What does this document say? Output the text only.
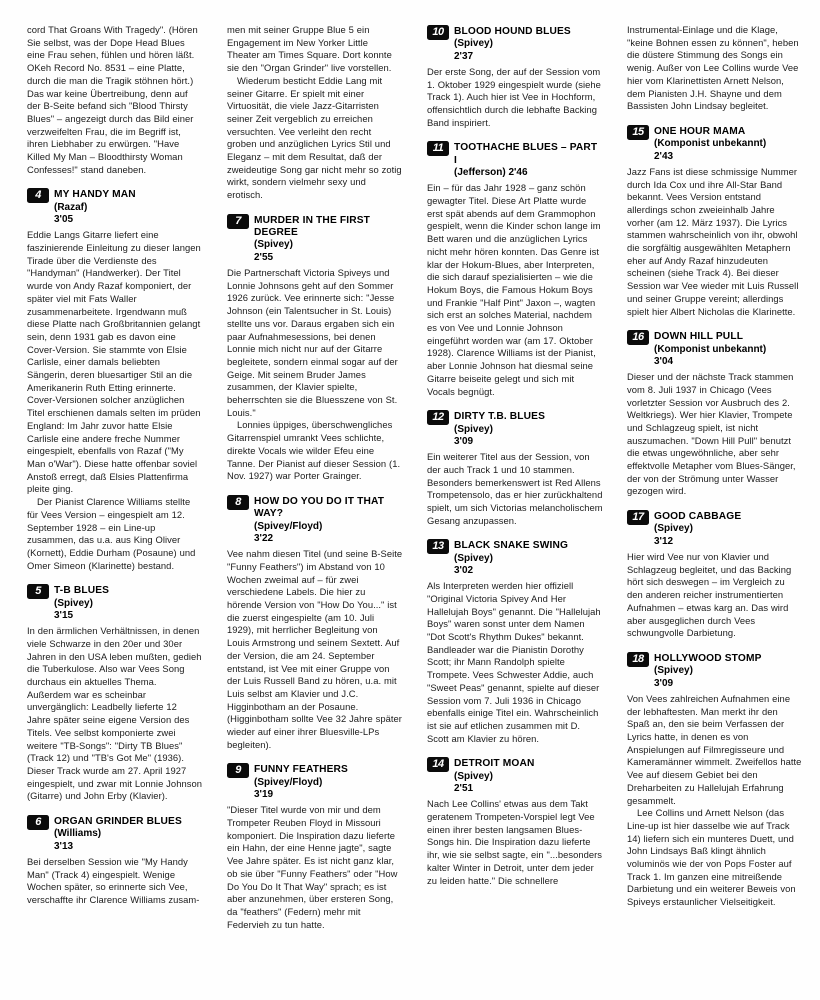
cord That Groans With Tragedy". (Hören Sie selbst, was der Dope Head Blues eine Frau sehen, fühlen und hören läßt. OKeh Record No. 8531 – eine Platte, durch die man die Tragik stöhnen hört.) Das war keine Übertreibung, denn auf der B-Seite befand sich "Blood Thirsty Blues" – angezeigt durch das Bild einer verzweifelten Frau, die im Begriff ist, ihren Liebhaber zu erwürgen. "Have Killed My Man – Bloodthirsty Woman Confesses!" stand daneben.

4	MY HANDY MAN
(Razaf)
3'05

Eddie Langs Gitarre liefert eine faszinierende Einleitung zu dieser langen Tirade über die Verdienste des "Handyman" (Handwerker). Der Titel wurde von Andy Razaf komponiert, der später viel mit Fats Waller zusammenarbeitete. Irgendwann muß diese Platte nach Großbritannien gelangt sein, denn 1931 gab es davon eine Cover-Version. Sie stammte von Elsie Carlisle, einer damals beliebten Sängerin, deren bluesartiger Stil an die Amerikanerin Ruth Etting erinnerte. Cover-Versionen solcher anzüglichen Titel erschienen damals selten im prüden England: Im Jahr zuvor hatte Elsie Carlisle eine andere freche Nummer eingespielt, ebenfalls von Razaf ("My Man o'War"). Diese hatte offenbar soviel Anstoß erregt, daß Elsies Plattenfirma pleite ging.

Der Pianist Clarence Williams stellte für Vees Version – eingespielt am 12. September 1928 – ein Line-up zusammen, das u.a. aus King Oliver (Kornett), Eddie Durham (Posaune) und Omer Simeon (Klarinette) bestand.

5	T-B BLUES
(Spivey)
3'15

In den ärmlichen Verhältnissen, in denen viele Schwarze in den 20er und 30er Jahren in den USA leben mußten, gedieh die Tuberkulose. Also war Vees Song durchaus ein aktuelles Thema. Außerdem war es scheinbar unvergänglich: Leadbelly lieferte 12 Jahre später seine eigene Version des Titels. Vee selbst komponierte zwei weitere "TB-Songs": "Dirty TB Blues" (Track 12) und "TB's Got Me" (1936). Dieser Track wurde am 27. April 1927 eingespielt, und zwar mit Lonnie Johnson (Gitarre) und John Erby (Klavier).

6	ORGAN GRINDER BLUES
(Williams)
3'13

Bei derselben Session wie "My Handy Man" (Track 4) eingespielt. Wenige Wochen später, so erinnerte sich Vee, verschaffte ihr Clarence Williams zusam-

men mit seiner Gruppe Blue 5 ein Engagement im New Yorker Little Theater am Times Square. Dort konnte sie den "Organ Grinder" live vorstellen.

Wiederum besticht Eddie Lang mit seiner Gitarre. Er spielt mit einer Virtuosität, die viele Jazz-Gitarristen seiner Zeit vergeblich zu erreichen versuchten. Vee verleiht den recht groben und anzüglichen Lyrics Stil und Eleganz – mit dem Resultat, daß der zweideutige Song gar nicht mehr so zotig wirkt, sondern vielmehr sexy und erotisch.

7	MURDER IN THE FIRST DEGREE
(Spivey)
2'55

Die Partnerschaft Victoria Spiveys und Lonnie Johnsons geht auf den Sommer 1926 zurück. Vee erinnerte sich: "Jesse Johnson (ein Talentsucher in St. Louis) stellte uns vor. Daraus ergaben sich ein paar Aufnahmesessions, bei denen Lonnie mich nicht nur auf der Gitarre begleitete, sondern einmal sogar auf der Geige. Mit seinem Bruder James zusammen, der Klavier spielte, beherrschten sie die Bluesszene von St. Louis."

Lonnies üppiges, überschwengliches Gitarrenspiel umrankt Vees schlichte, direkte Vocals wie wilder Efeu eine Tanne. Der Pianist auf dieser Session (1. Nov. 1927) war Porter Grainger.

8	HOW DO YOU DO IT THAT WAY?
(Spivey/Floyd)
3'22

Vee nahm diesen Titel (und seine B-Seite "Funny Feathers") im Abstand von 10 Wochen zweimal auf – für zwei verschiedene Labels. Die hier zu hörende Version von "How Do You..." ist die zuerst eingespielte (am 10. Juli 1929), mit herrlicher Begleitung von Louis Armstrong und seinem Sextett. Auf der Version, die am 24. September entstand, ist Vee mit einer Gruppe von der Luis Russell Band zu hören, u.a. mit Luis selbst am Klavier und J.C. Higginbotham an der Posaune. (Higginbotham sollte Vee 32 Jahre später wieder auf einer ihrer Bluesville-LPs begleiten).

9	FUNNY FEATHERS
(Spivey/Floyd)
3'19

"Dieser Titel wurde von mir und dem Trompeter Reuben Floyd in Missouri komponiert. Die Inspiration dazu lieferte ein Hahn, der eine Henne jagte", sagte Vee Jahre später. Es ist nicht ganz klar, ob sie über "Funny Feathers" oder "How Do You Do It That Way" sprach; es ist aber anzunehmen, über ersteren Song, da "feathers" (Federn) mehr mit Federvieh zu tun hatte.

10	BLOOD HOUND BLUES
(Spivey)
2'37

Der erste Song, der auf der Session vom 1. Oktober 1929 eingespielt wurde (siehe Track 1). Auch hier ist Vee in Hochform, offensichtlich durch die lebhafte Backing Band inspiriert.

11	TOOTHACHE BLUES – PART I
(Jefferson) 2'46

Ein – für das Jahr 1928 – ganz schön gewagter Titel. Diese Art Platte wurde erst spät abends auf dem Grammophon gespielt, wenn die Kinder schon lange im Bett waren und die anzüglichen Lyrics nicht mehr hören konnten. Das Genre ist klar der Hokum-Blues, aber Interpreten, die sich darauf spezialisierten – wie die Hokum Boys, die Famous Hokum Boys und Frankie "Half Pint" Jaxon –, wagten sich erst an solches Material, nachdem es von Vee und Lonnie Johnson eingeführt worden war (am 17. Oktober 1928). Clarence Williams ist der Pianist, aber Lonnie Johnson hat diesmal seine Gitarre beiseite gelegt und sich mit Vocals begnügt.

12	DIRTY T.B. BLUES
(Spivey)
3'09

Ein weiterer Titel aus der Session, von der auch Track 1 und 10 stammen. Besonders bemerkenswert ist Red Allens Trompetensolo, das er hier zurückhaltend spielt, um sich Victorias melancholischem Gesang anzupassen.

13	BLACK SNAKE SWING
(Spivey)
3'02

Als Interpreten werden hier offiziell "Original Victoria Spivey And Her Hallelujah Boys" genannt. Die "Hallelujah Boys" waren sonst unter dem Namen "Dot Scott's Rhythm Dukes" bekannt. Bandleader war die Pianistin Dorothy Scott; ihr Mann Randolph spielte Trompete. Vees Schwester Addie, auch "Sweet Peas" genannt, spielte auf dieser Session vom 7. Juli 1936 in Chicago ebenfalls einige Titel ein. Wahrscheinlich ist sie auf etlichen zusammen mit D. Scott am Klavier zu hören.

14	DETROIT MOAN
(Spivey)
2'51

Nach Lee Collins' etwas aus dem Takt geratenem Trompeten-Vorspiel legt Vee einen ihrer besten langsamen Blues-Songs hin. Die Inspiration dazu lieferte ihr, wie sie selbst sagte, ein "...besonders kalter Winter in Detroit, unter dem jeder zu leiden hatte." Die schnellere

Instrumental-Einlage und die Klage, "keine Bohnen essen zu können", heben die düstere Stimmung des Songs ein wenig. Außer von Lee Collins wurde Vee hier vom Klarinettisten Arnett Nelson, dem Pianisten J.H. Shayne und dem Bassisten John Lindsay begleitet.

15	ONE HOUR MAMA
(Komponist unbekannt)
2'43

Jazz Fans ist diese schmissige Nummer durch Ida Cox und ihre All-Star Band bekannt. Vees Version entstand allerdings schon zweieinhalb Jahre vorher (am 12. März 1937). Die Lyrics stammen wahrscheinlich von ihr, obwohl die sorgfältig ausgewählten Metaphern eher auf Andy Razaf hinzudeuten scheinen (siehe Track 4). Bei dieser Session war Vee wieder mit Luis Russell und seiner Gruppe vereint; allerdings spielt hier Albert Nicholas die Klarinette.

16	DOWN HILL PULL
(Komponist unbekannt)
3'04

Dieser und der nächste Track stammen vom 8. Juli 1937 in Chicago (Vees vorletzter Session vor Ausbruch des 2. Weltkriegs). Wer hier Klavier, Trompete und Schlagzeug spielt, ist nicht auszumachen. "Down Hill Pull" benutzt die etwas ungewöhnliche, aber sehr effektvolle Metapher vom Blues-Sänger, der von der Strömung unter Wasser gezogen wird.

17	GOOD CABBAGE
(Spivey)
3'12

Hier wird Vee nur von Klavier und Schlagzeug begleitet, und das Backing hört sich deswegen – im Vergleich zu den anderen reicher instrumentierten Aufnahmen – etwas karg an. Das wird aber ausgeglichen durch Vees schwungvolle Darbietung.

18	HOLLYWOOD STOMP
(Spivey)
3'09

Von Vees zahlreichen Aufnahmen eine der lebhaftesten. Man merkt ihr den Spaß an, den sie beim Verfassen der Lyrics hatte, in denen es von Anspielungen auf Filmregisseure und Kameramänner wimmelt. Zweifellos hatte Vee auf diesem Gebiet bei den Dreharbeiten zu Hallelujah Erfahrung gesammelt.

Lee Collins und Arnett Nelson (das Line-up ist hier dasselbe wie auf Track 14) liefern sich ein munteres Duett, und John Lindsays Baß klingt ähnlich voluminös wie der von Pops Foster auf Track 1. Im ganzen eine mitreißende Darbietung und ein weiterer Beweis von Spiveys erstaunlicher Vielseitigkeit.
